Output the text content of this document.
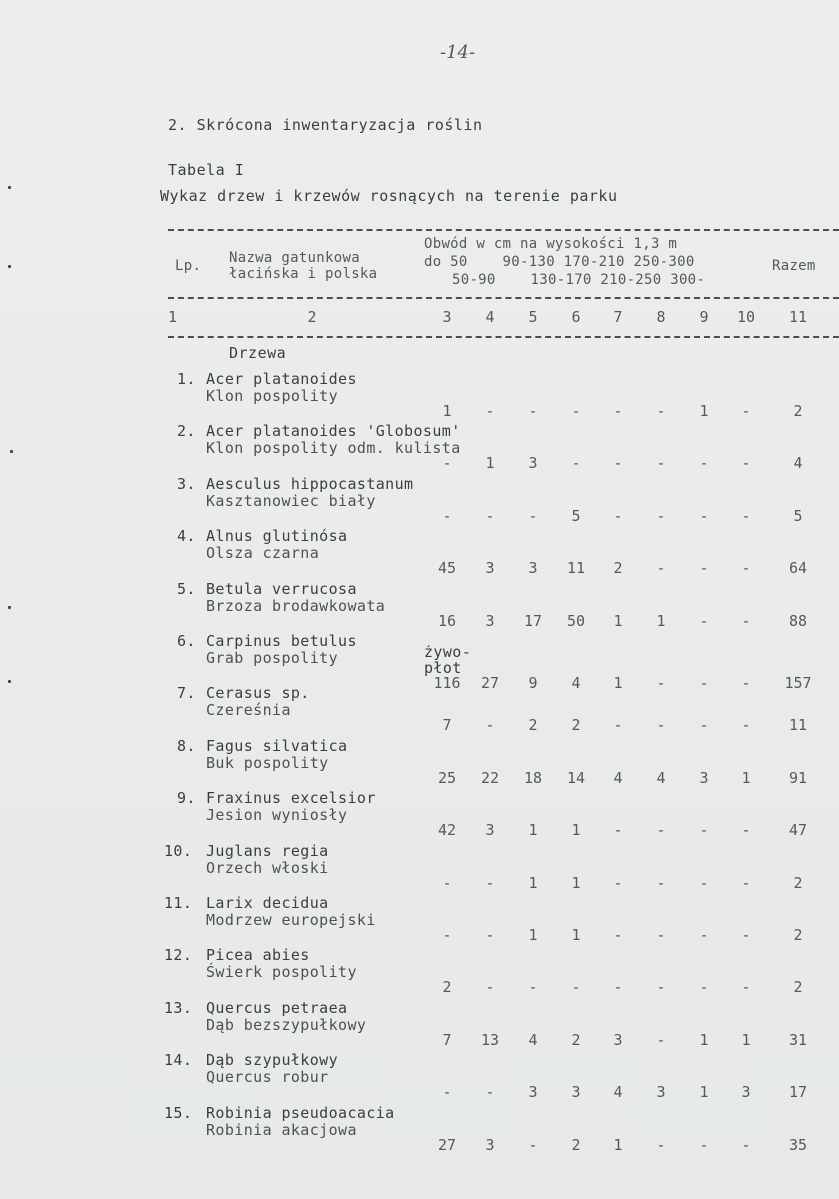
-14-
2. Skrócona inwentaryzacja roślin
Tabela I
Wykaz drzew i krzewów rosnących na terenie parku
Lp. Nazwa gatunkowa
łacińska i polska
Obwód w cm na wysokości 1,3 m
do 50    90-130 170-210 250-300
50-90    130-170 210-250 300-
Razem
1	2	3	4	5	6	7	8	9	10	11
Drzewa
1. Acer platanoides
Klon pospolity
1	-	-	-	-	-	1	-	2
2. Acer platanoides 'Globosum'
Klon pospolity odm. kulista
-	1	3	-	-	-	-	-	4
3. Aesculus hippocastanum
Kasztanowiec biały
-	-	-	5	-	-	-	-	5
4. Alnus glutinósa
Olsza czarna
45	3	3	11	2	-	-	-	64
5. Betula verrucosa
Brzoza brodawkowata
16	3	17	50	1	1	-	-	88
6. Carpinus betulus
Grab pospolity	żywo-
płot
116	27	9	4	1	-	-	-	157
7. Cerasus sp.
Czereśnia
7	-	2	2	-	-	-	-	11
8. Fagus silvatica
Buk pospolity
25	22	18	14	4	4	3	1	91
9. Fraxinus excelsior
Jesion wyniosły
42	3	1	1	-	-	-	-	47
10. Juglans regia
Orzech włoski
-	-	1	1	-	-	-	-	2
11. Larix decidua
Modrzew europejski
-	-	1	1	-	-	-	-	2
12. Picea abies
Świerk pospolity
2	-	-	-	-	-	-	-	2
13. Quercus petraea
Dąb bezszypułkowy
7	13	4	2	3	-	1	1	31
14. Dąb szypułkowy
Quercus robur
-	-	3	3	4	3	1	3	17
15. Robinia pseudoacacia
Robinia akacjowa
27	3	-	2	1	-	-	-	35
